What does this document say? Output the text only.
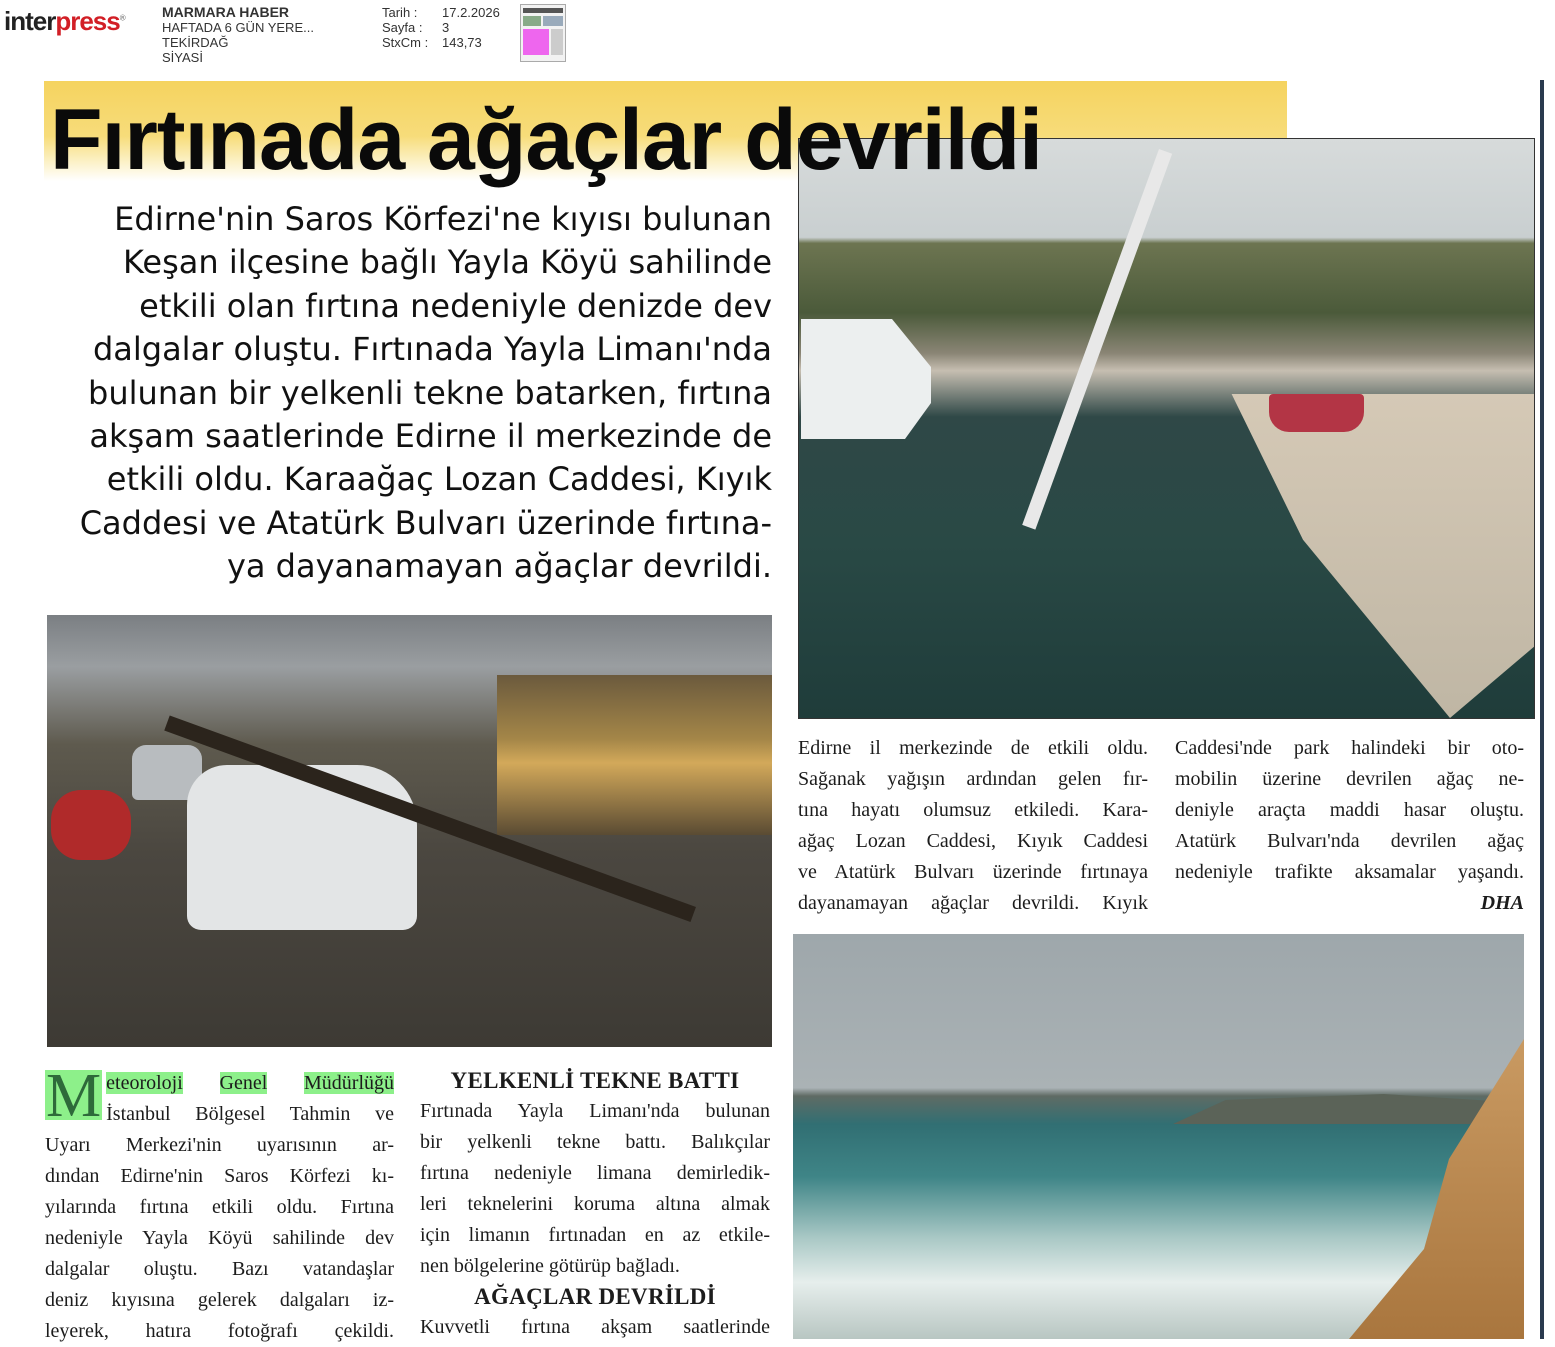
interpress®	MARMARA HABER
HAFTADA 6 GÜN YERE...
TEKİRDAĞ
SİYASİ
Tarih : 17.2.2026
Sayfa : 3
StxCm : 143,73
Fırtınada ağaçlar devrildi

Edirne'nin Saros Körfezi'ne kıyısı bulunan
Keşan ilçesine bağlı Yayla Köyü sahilinde
etkili olan fırtına nedeniyle denizde dev
dalgalar oluştu. Fırtınada Yayla Limanı'nda
bulunan bir yelkenli tekne batarken, fırtına
akşam saatlerinde Edirne il merkezinde de
etkili oldu. Karaağaç Lozan Caddesi, Kıyık
Caddesi ve Atatürk Bulvarı üzerinde fırtına-
ya dayanamayan ağaçlar devrildi.

Edirne il merkezinde de etkili oldu.
Sağanak yağışın ardından gelen fır-
tına hayatı olumsuz etkiledi. Kara-
ağaç Lozan Caddesi, Kıyık Caddesi
ve Atatürk Bulvarı üzerinde fırtınaya
dayanamayan ağaçlar devrildi. Kıyık
Caddesi'nde park halindeki bir oto-
mobilin üzerine devrilen ağaç ne-
deniyle araçta maddi hasar oluştu.
Atatürk Bulvarı'nda devrilen ağaç
nedeniyle trafikte aksamalar yaşandı.
DHA
M eteoroloji Genel Müdürlüğü
İstanbul Bölgesel Tahmin ve
Uyarı Merkezi'nin uyarısının ar-
dından Edirne'nin Saros Körfezi kı-
yılarında fırtına etkili oldu. Fırtına
nedeniyle Yayla Köyü sahilinde dev
dalgalar oluştu. Bazı vatandaşlar
deniz kıyısına gelerek dalgaları iz-
leyerek, hatıra fotoğrafı çekildi.
YELKENLİ TEKNE BATTI
Fırtınada Yayla Limanı'nda bulunan
bir yelkenli tekne battı. Balıkçılar
fırtına nedeniyle limana demirledik-
leri teknelerini koruma altına almak
için limanın fırtınadan en az etkile-
nen bölgelerine götürüp bağladı.
AĞAÇLAR DEVRİLDİ
Kuvvetli fırtına akşam saatlerinde
